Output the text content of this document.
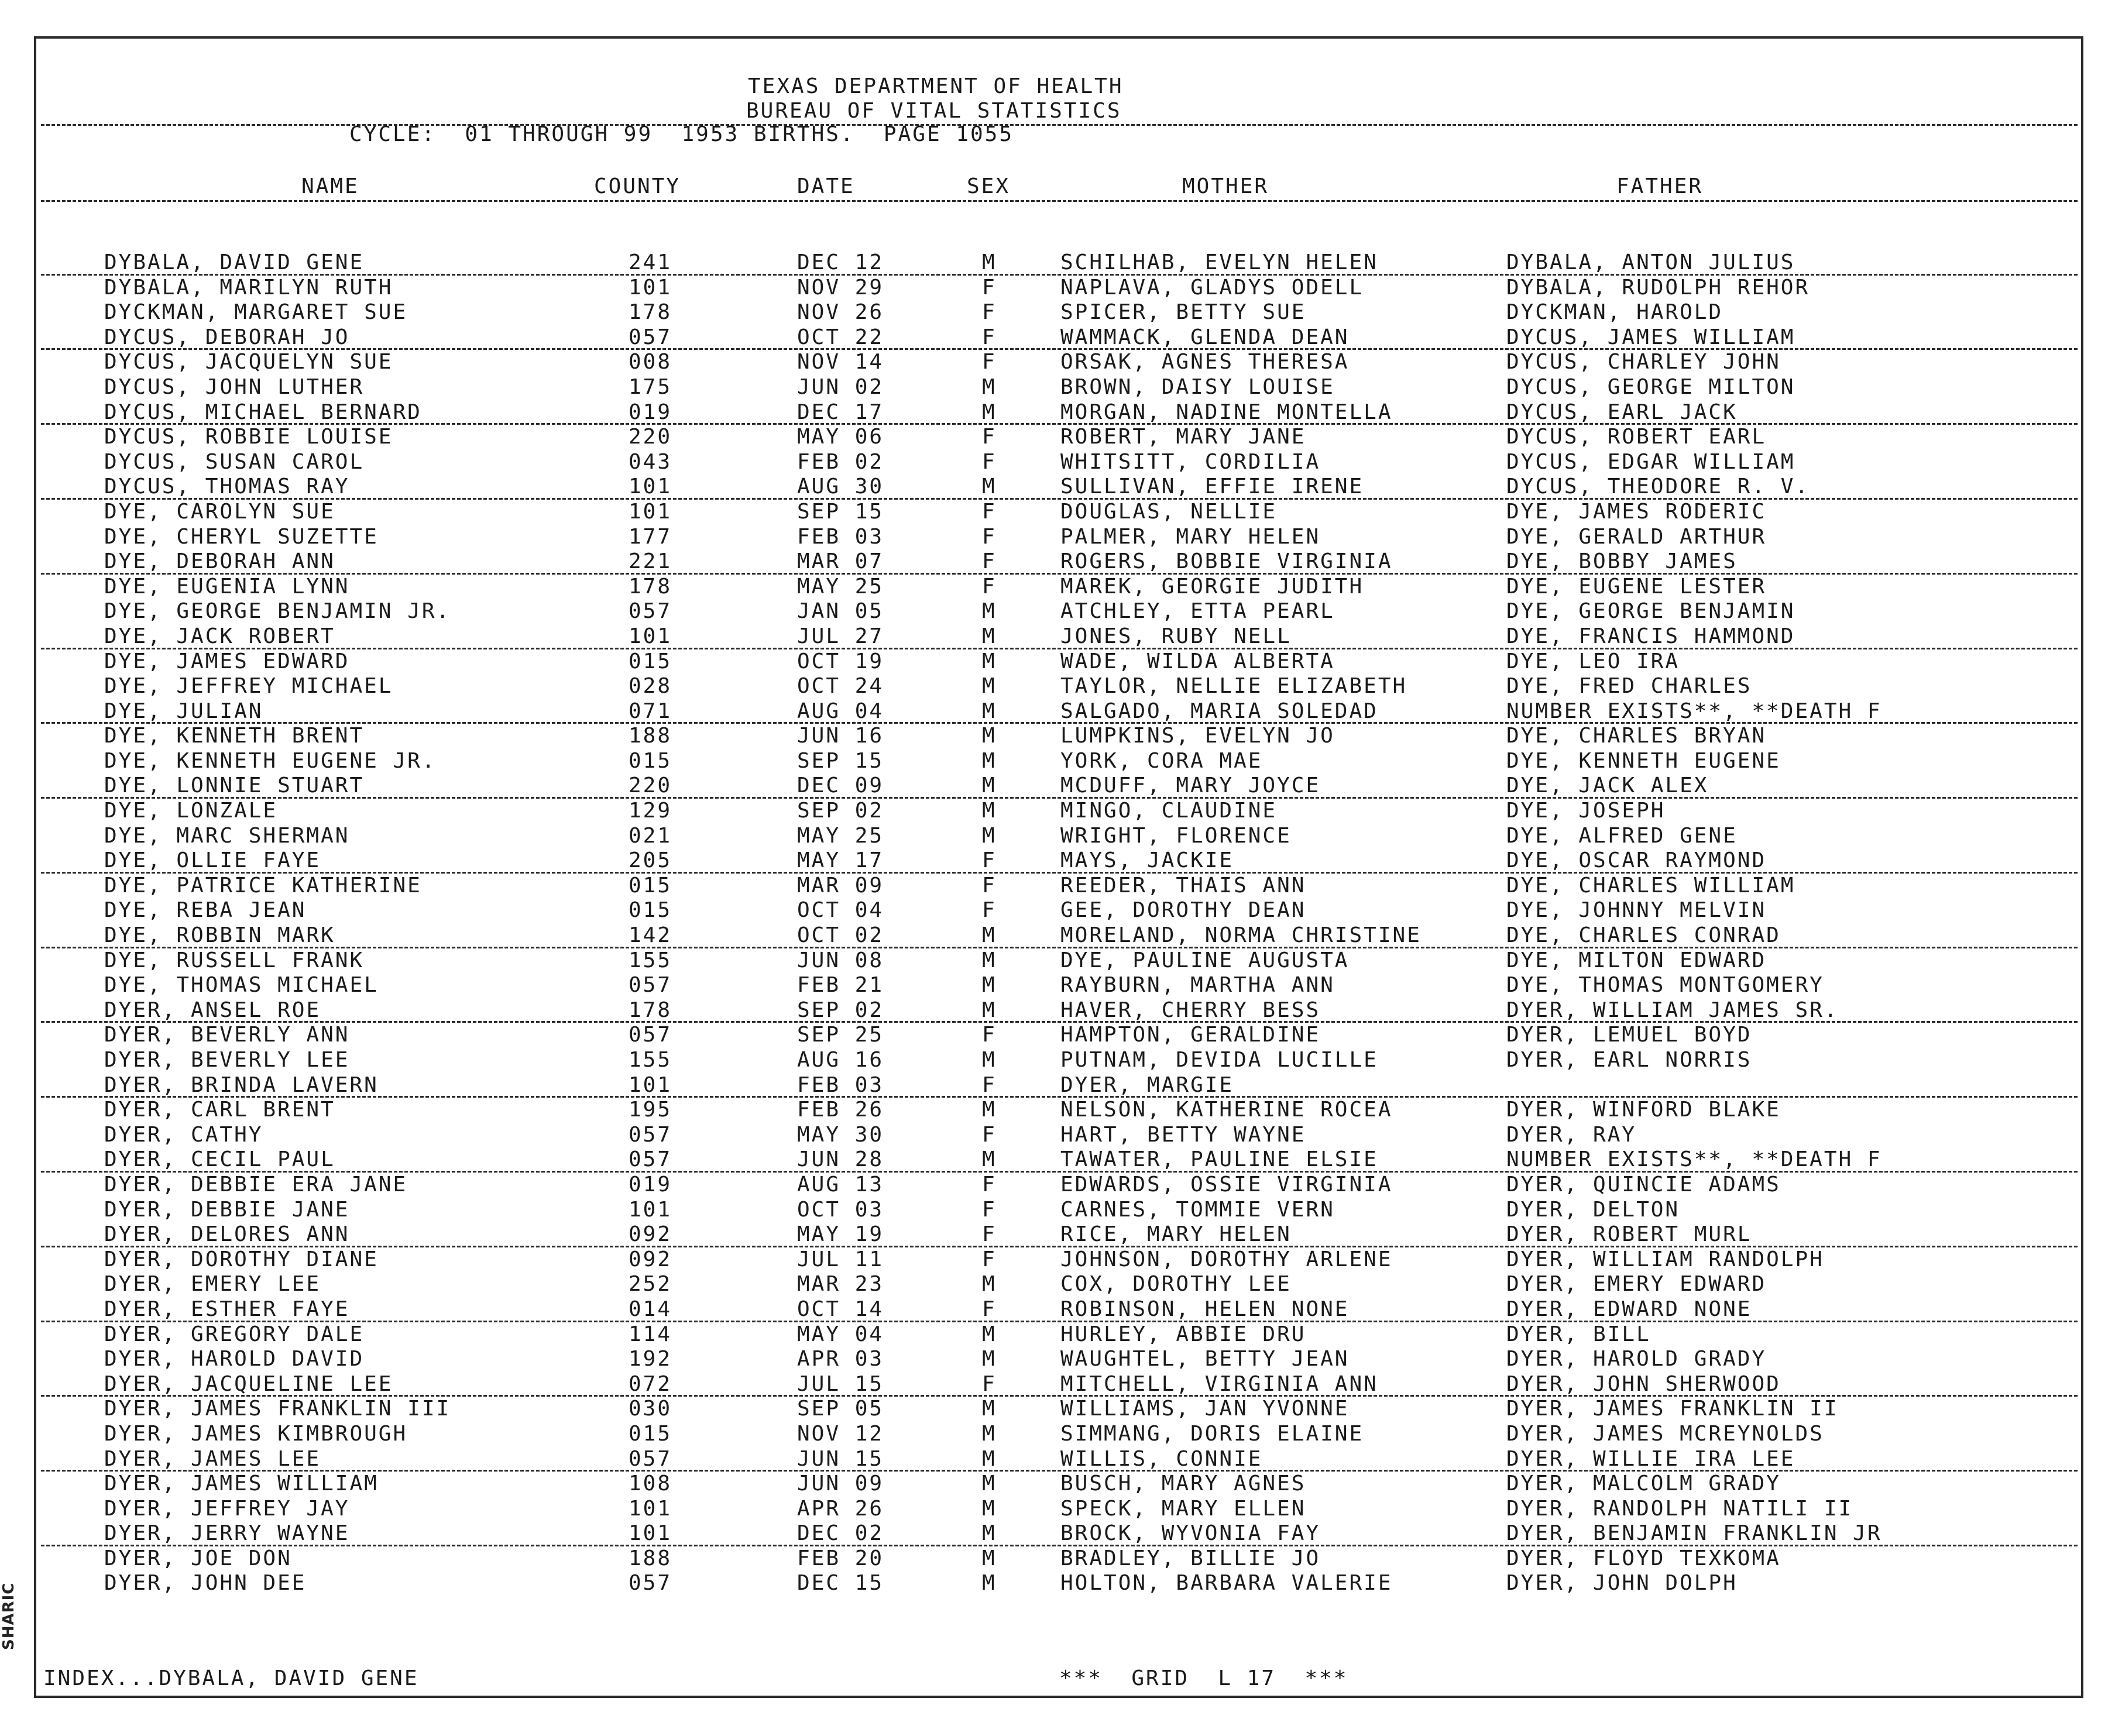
SHARIC
TEXAS DEPARTMENT OF HEALTH
BUREAU OF VITAL STATISTICS
CYCLE:  01 THROUGH 99  1953 BIRTHS.  PAGE 1055
NAME	COUNTY	DATE	SEX	MOTHER	FATHER
DYBALA, DAVID GENE	241	DEC 12	M	SCHILHAB, EVELYN HELEN	DYBALA, ANTON JULIUS
DYBALA, MARILYN RUTH	101	NOV 29	F	NAPLAVA, GLADYS ODELL	DYBALA, RUDOLPH REHOR
DYCKMAN, MARGARET SUE	178	NOV 26	F	SPICER, BETTY SUE	DYCKMAN, HAROLD
DYCUS, DEBORAH JO	057	OCT 22	F	WAMMACK, GLENDA DEAN	DYCUS, JAMES WILLIAM
DYCUS, JACQUELYN SUE	008	NOV 14	F	ORSAK, AGNES THERESA	DYCUS, CHARLEY JOHN
DYCUS, JOHN LUTHER	175	JUN 02	M	BROWN, DAISY LOUISE	DYCUS, GEORGE MILTON
DYCUS, MICHAEL BERNARD	019	DEC 17	M	MORGAN, NADINE MONTELLA	DYCUS, EARL JACK
DYCUS, ROBBIE LOUISE	220	MAY 06	F	ROBERT, MARY JANE	DYCUS, ROBERT EARL
DYCUS, SUSAN CAROL	043	FEB 02	F	WHITSITT, CORDILIA	DYCUS, EDGAR WILLIAM
DYCUS, THOMAS RAY	101	AUG 30	M	SULLIVAN, EFFIE IRENE	DYCUS, THEODORE R. V.
DYE, CAROLYN SUE	101	SEP 15	F	DOUGLAS, NELLIE	DYE, JAMES RODERIC
DYE, CHERYL SUZETTE	177	FEB 03	F	PALMER, MARY HELEN	DYE, GERALD ARTHUR
DYE, DEBORAH ANN	221	MAR 07	F	ROGERS, BOBBIE VIRGINIA	DYE, BOBBY JAMES
DYE, EUGENIA LYNN	178	MAY 25	F	MAREK, GEORGIE JUDITH	DYE, EUGENE LESTER
DYE, GEORGE BENJAMIN JR.	057	JAN 05	M	ATCHLEY, ETTA PEARL	DYE, GEORGE BENJAMIN
DYE, JACK ROBERT	101	JUL 27	M	JONES, RUBY NELL	DYE, FRANCIS HAMMOND
DYE, JAMES EDWARD	015	OCT 19	M	WADE, WILDA ALBERTA	DYE, LEO IRA
DYE, JEFFREY MICHAEL	028	OCT 24	M	TAYLOR, NELLIE ELIZABETH	DYE, FRED CHARLES
DYE, JULIAN	071	AUG 04	M	SALGADO, MARIA SOLEDAD	NUMBER EXISTS**, **DEATH F
DYE, KENNETH BRENT	188	JUN 16	M	LUMPKINS, EVELYN JO	DYE, CHARLES BRYAN
DYE, KENNETH EUGENE JR.	015	SEP 15	M	YORK, CORA MAE	DYE, KENNETH EUGENE
DYE, LONNIE STUART	220	DEC 09	M	MCDUFF, MARY JOYCE	DYE, JACK ALEX
DYE, LONZALE	129	SEP 02	M	MINGO, CLAUDINE	DYE, JOSEPH
DYE, MARC SHERMAN	021	MAY 25	M	WRIGHT, FLORENCE	DYE, ALFRED GENE
DYE, OLLIE FAYE	205	MAY 17	F	MAYS, JACKIE	DYE, OSCAR RAYMOND
DYE, PATRICE KATHERINE	015	MAR 09	F	REEDER, THAIS ANN	DYE, CHARLES WILLIAM
DYE, REBA JEAN	015	OCT 04	F	GEE, DOROTHY DEAN	DYE, JOHNNY MELVIN
DYE, ROBBIN MARK	142	OCT 02	M	MORELAND, NORMA CHRISTINE	DYE, CHARLES CONRAD
DYE, RUSSELL FRANK	155	JUN 08	M	DYE, PAULINE AUGUSTA	DYE, MILTON EDWARD
DYE, THOMAS MICHAEL	057	FEB 21	M	RAYBURN, MARTHA ANN	DYE, THOMAS MONTGOMERY
DYER, ANSEL ROE	178	SEP 02	M	HAVER, CHERRY BESS	DYER, WILLIAM JAMES SR.
DYER, BEVERLY ANN	057	SEP 25	F	HAMPTON, GERALDINE	DYER, LEMUEL BOYD
DYER, BEVERLY LEE	155	AUG 16	M	PUTNAM, DEVIDA LUCILLE	DYER, EARL NORRIS
DYER, BRINDA LAVERN	101	FEB 03	F	DYER, MARGIE
DYER, CARL BRENT	195	FEB 26	M	NELSON, KATHERINE ROCEA	DYER, WINFORD BLAKE
DYER, CATHY	057	MAY 30	F	HART, BETTY WAYNE	DYER, RAY
DYER, CECIL PAUL	057	JUN 28	M	TAWATER, PAULINE ELSIE	NUMBER EXISTS**, **DEATH F
DYER, DEBBIE ERA JANE	019	AUG 13	F	EDWARDS, OSSIE VIRGINIA	DYER, QUINCIE ADAMS
DYER, DEBBIE JANE	101	OCT 03	F	CARNES, TOMMIE VERN	DYER, DELTON
DYER, DELORES ANN	092	MAY 19	F	RICE, MARY HELEN	DYER, ROBERT MURL
DYER, DOROTHY DIANE	092	JUL 11	F	JOHNSON, DOROTHY ARLENE	DYER, WILLIAM RANDOLPH
DYER, EMERY LEE	252	MAR 23	M	COX, DOROTHY LEE	DYER, EMERY EDWARD
DYER, ESTHER FAYE	014	OCT 14	F	ROBINSON, HELEN NONE	DYER, EDWARD NONE
DYER, GREGORY DALE	114	MAY 04	M	HURLEY, ABBIE DRU	DYER, BILL
DYER, HAROLD DAVID	192	APR 03	M	WAUGHTEL, BETTY JEAN	DYER, HAROLD GRADY
DYER, JACQUELINE LEE	072	JUL 15	F	MITCHELL, VIRGINIA ANN	DYER, JOHN SHERWOOD
DYER, JAMES FRANKLIN III	030	SEP 05	M	WILLIAMS, JAN YVONNE	DYER, JAMES FRANKLIN II
DYER, JAMES KIMBROUGH	015	NOV 12	M	SIMMANG, DORIS ELAINE	DYER, JAMES MCREYNOLDS
DYER, JAMES LEE	057	JUN 15	M	WILLIS, CONNIE	DYER, WILLIE IRA LEE
DYER, JAMES WILLIAM	108	JUN 09	M	BUSCH, MARY AGNES	DYER, MALCOLM GRADY
DYER, JEFFREY JAY	101	APR 26	M	SPECK, MARY ELLEN	DYER, RANDOLPH NATILI II
DYER, JERRY WAYNE	101	DEC 02	M	BROCK, WYVONIA FAY	DYER, BENJAMIN FRANKLIN JR
DYER, JOE DON	188	FEB 20	M	BRADLEY, BILLIE JO	DYER, FLOYD TEXKOMA
DYER, JOHN DEE	057	DEC 15	M	HOLTON, BARBARA VALERIE	DYER, JOHN DOLPH
INDEX...DYBALA, DAVID GENE	***  GRID  L 17  ***
